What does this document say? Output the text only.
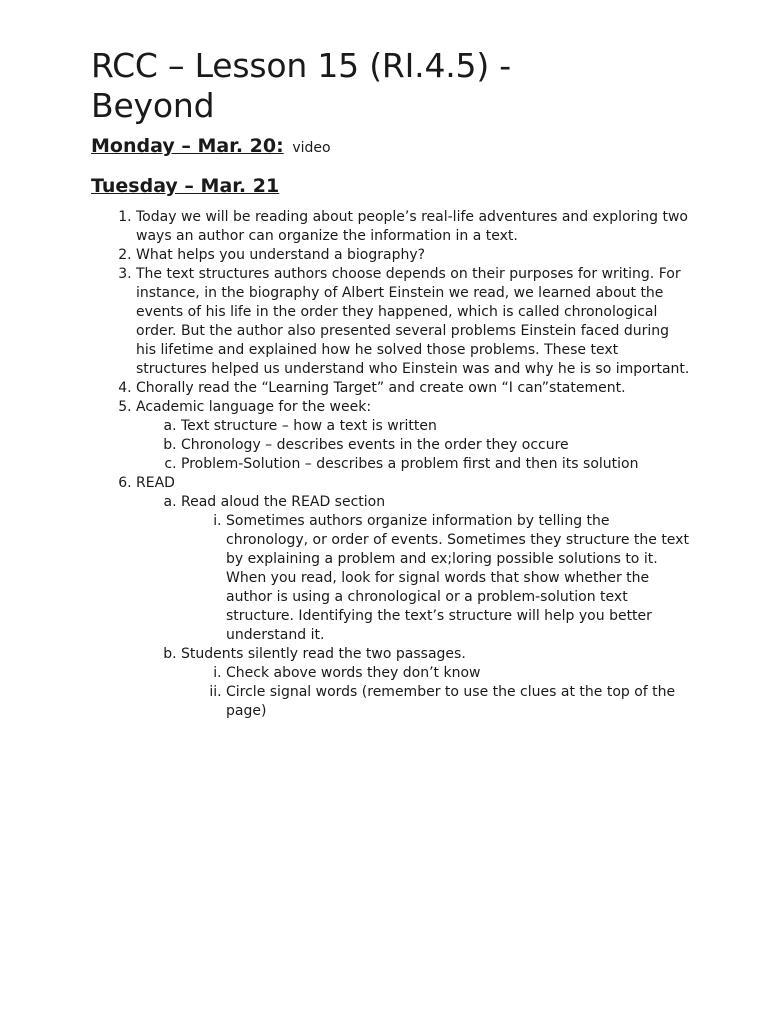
RCC – Lesson 15 (RI.4.5) -
Beyond

Monday – Mar. 20: video

Tuesday – Mar. 21

1. Today we will be reading about people’s real-life adventures and exploring two ways an author can organize the information in a text.
2. What helps you understand a biography?
3. The text structures authors choose depends on their purposes for writing. For instance, in the biography of Albert Einstein we read, we learned about the events of his life in the order they happened, which is called chronological order. But the author also presented several problems Einstein faced during his lifetime and explained how he solved those problems. These text structures helped us understand who Einstein was and why he is so important.
4. Chorally read the “Learning Target” and create own “I can”statement.
5. Academic language for the week:
a. Text structure – how a text is written
b. Chronology – describes events in the order they occure
c. Problem-Solution – describes a problem first and then its solution
6. READ
a. Read aloud the READ section
i. Sometimes authors organize information by telling the chronology, or order of events. Sometimes they structure the text by explaining a problem and ex;loring possible solutions to it. When you read, look for signal words that show whether the author is using a chronological or a problem-solution text structure. Identifying the text’s structure will help you better understand it.
b. Students silently read the two passages.
i. Check above words they don’t know
ii. Circle signal words (remember to use the clues at the top of the page)
